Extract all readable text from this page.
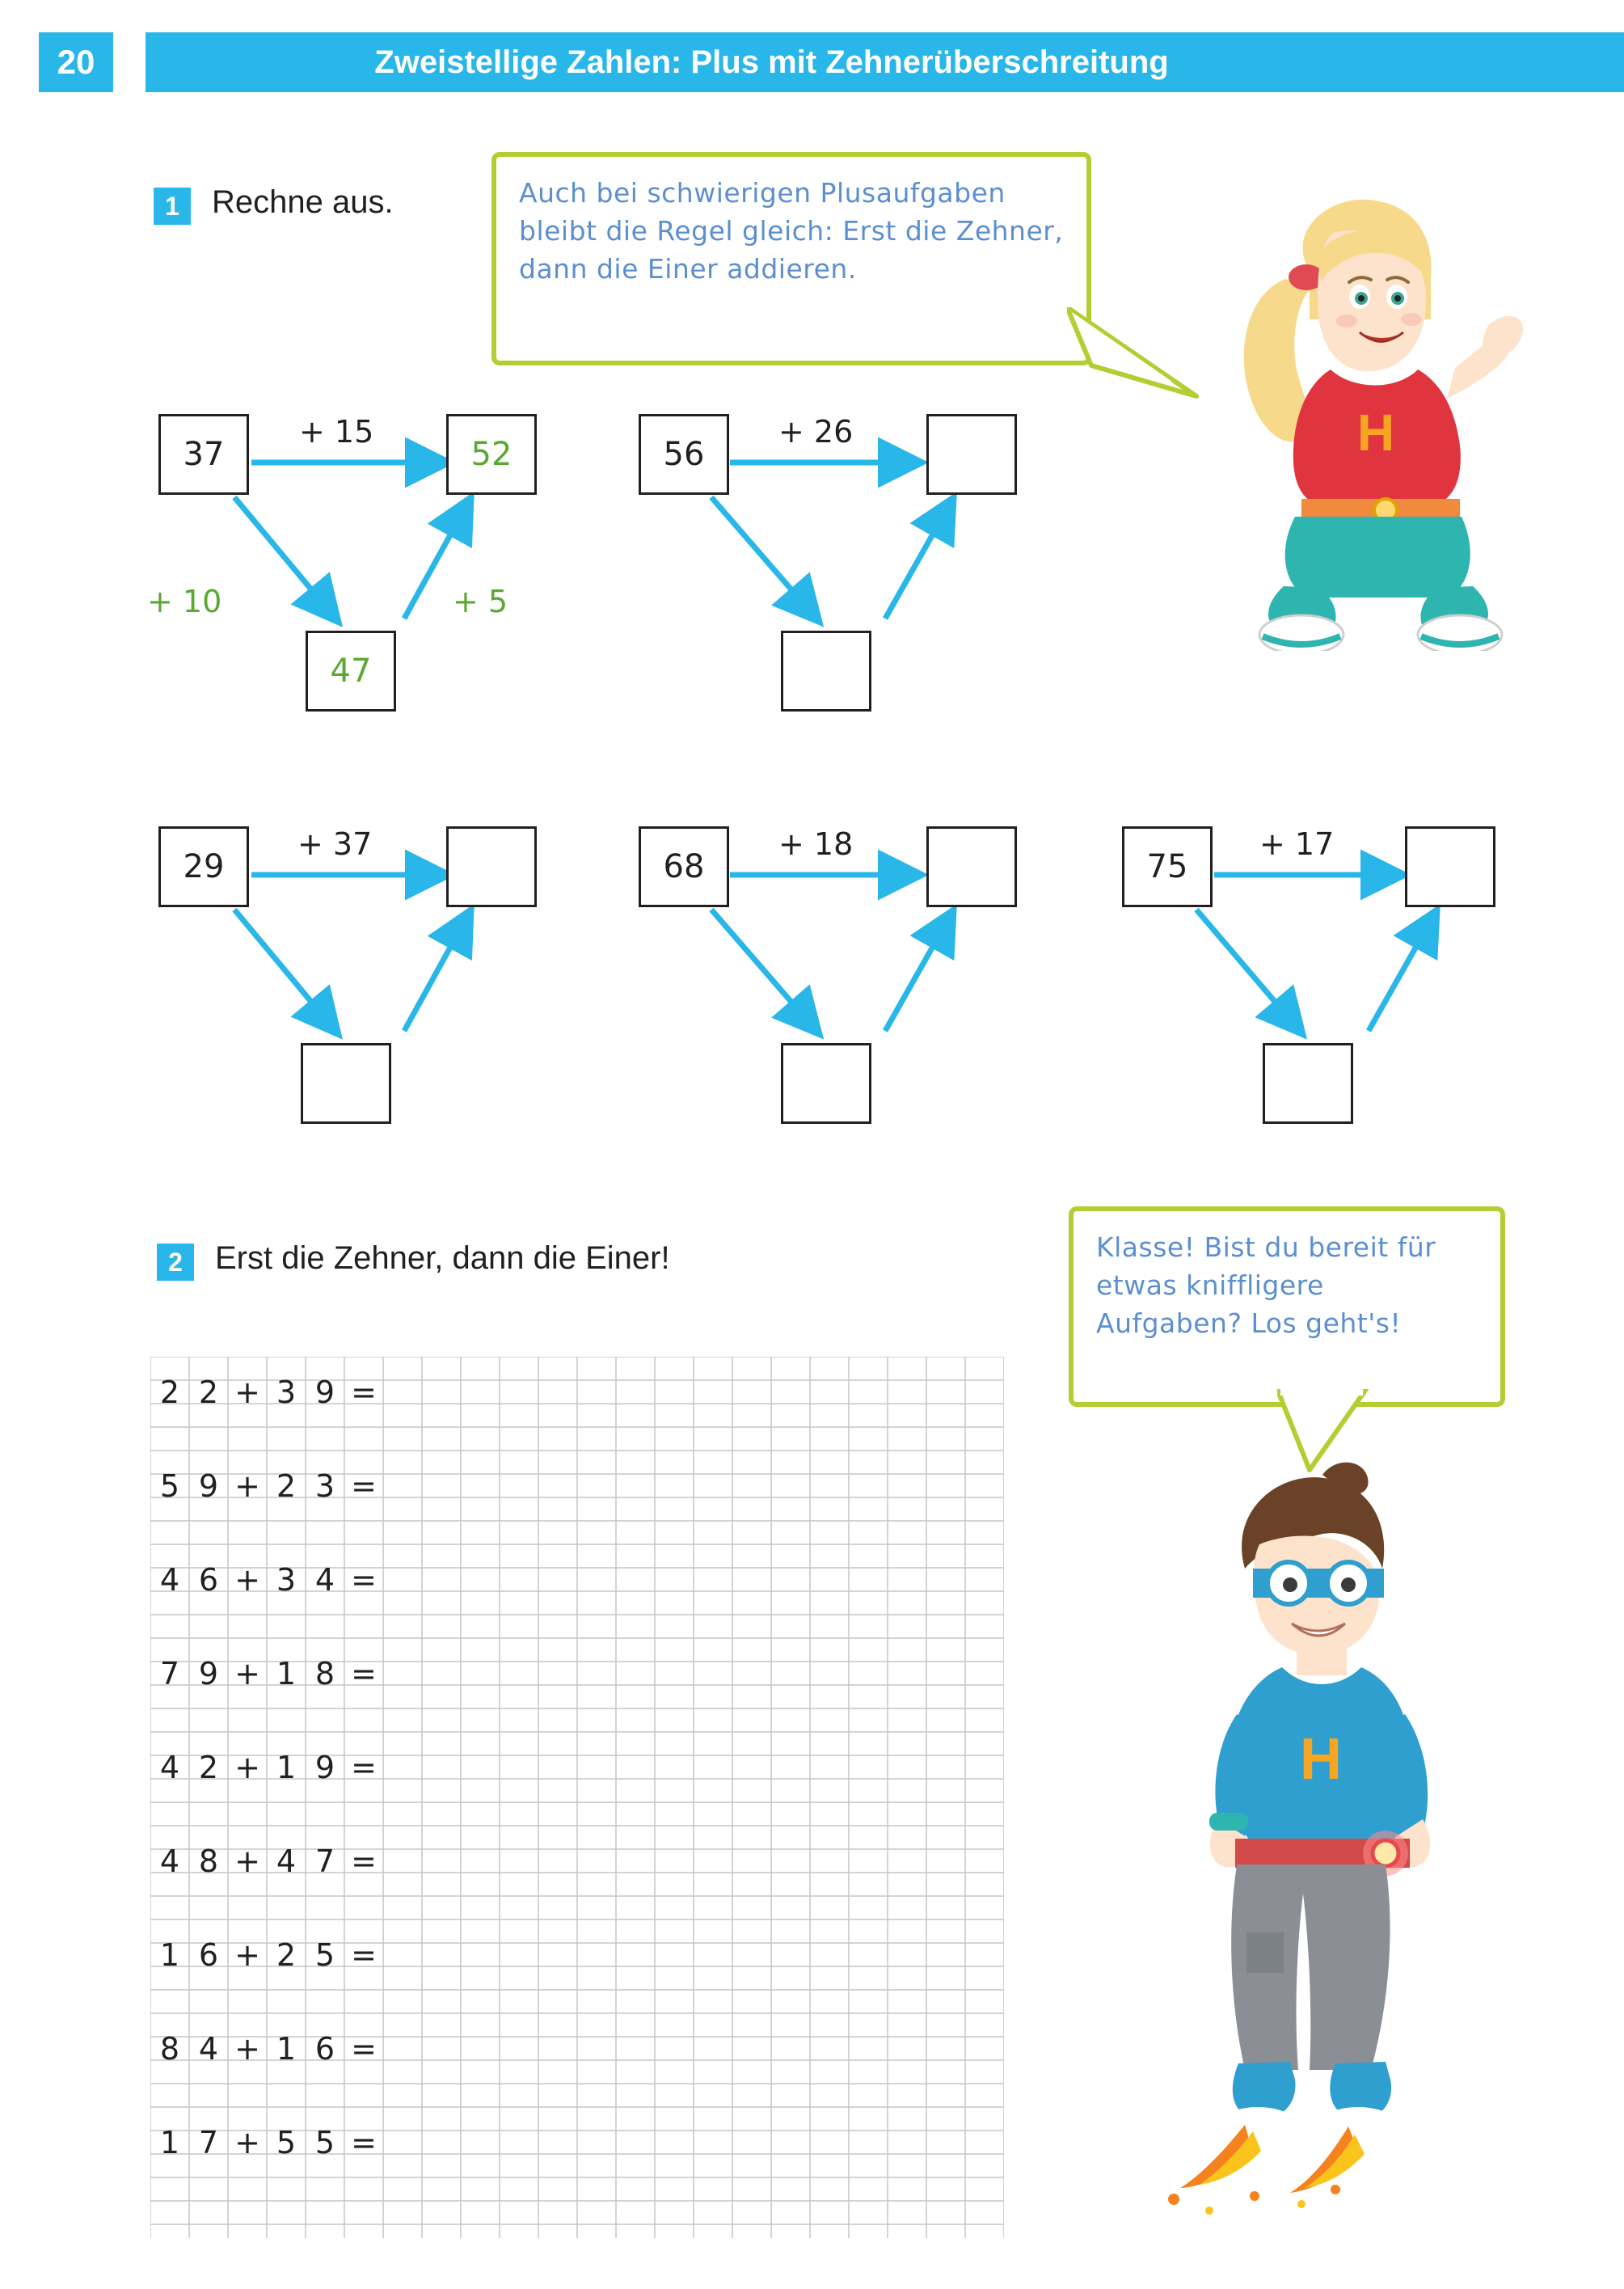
20	Zweistellige Zahlen: Plus mit Zehnerüberschreitung
1	Rechne aus.	Auch bei schwierigen Plusaufgaben bleibt die Regel gleich: Erst die Zehner, dann die Einer addieren.

37
+ 15
52
+ 10	+ 5
47
56
+ 26
29
+ 37
68
+ 18
75
+ 17
2	Erst die Zehner, dann die Einer!	Klasse! Bist du bereit für etwas kniffligere Aufgaben? Los geht's!

2 2 + 3 9 =
5 9 + 2 3 =
4 6 + 3 4 =
7 9 + 1 8 =
4 2 + 1 9 =
4 8 + 4 7 =
1 6 + 2 5 =
8 4 + 1 6 =
1 7 + 5 5 =
H
H
